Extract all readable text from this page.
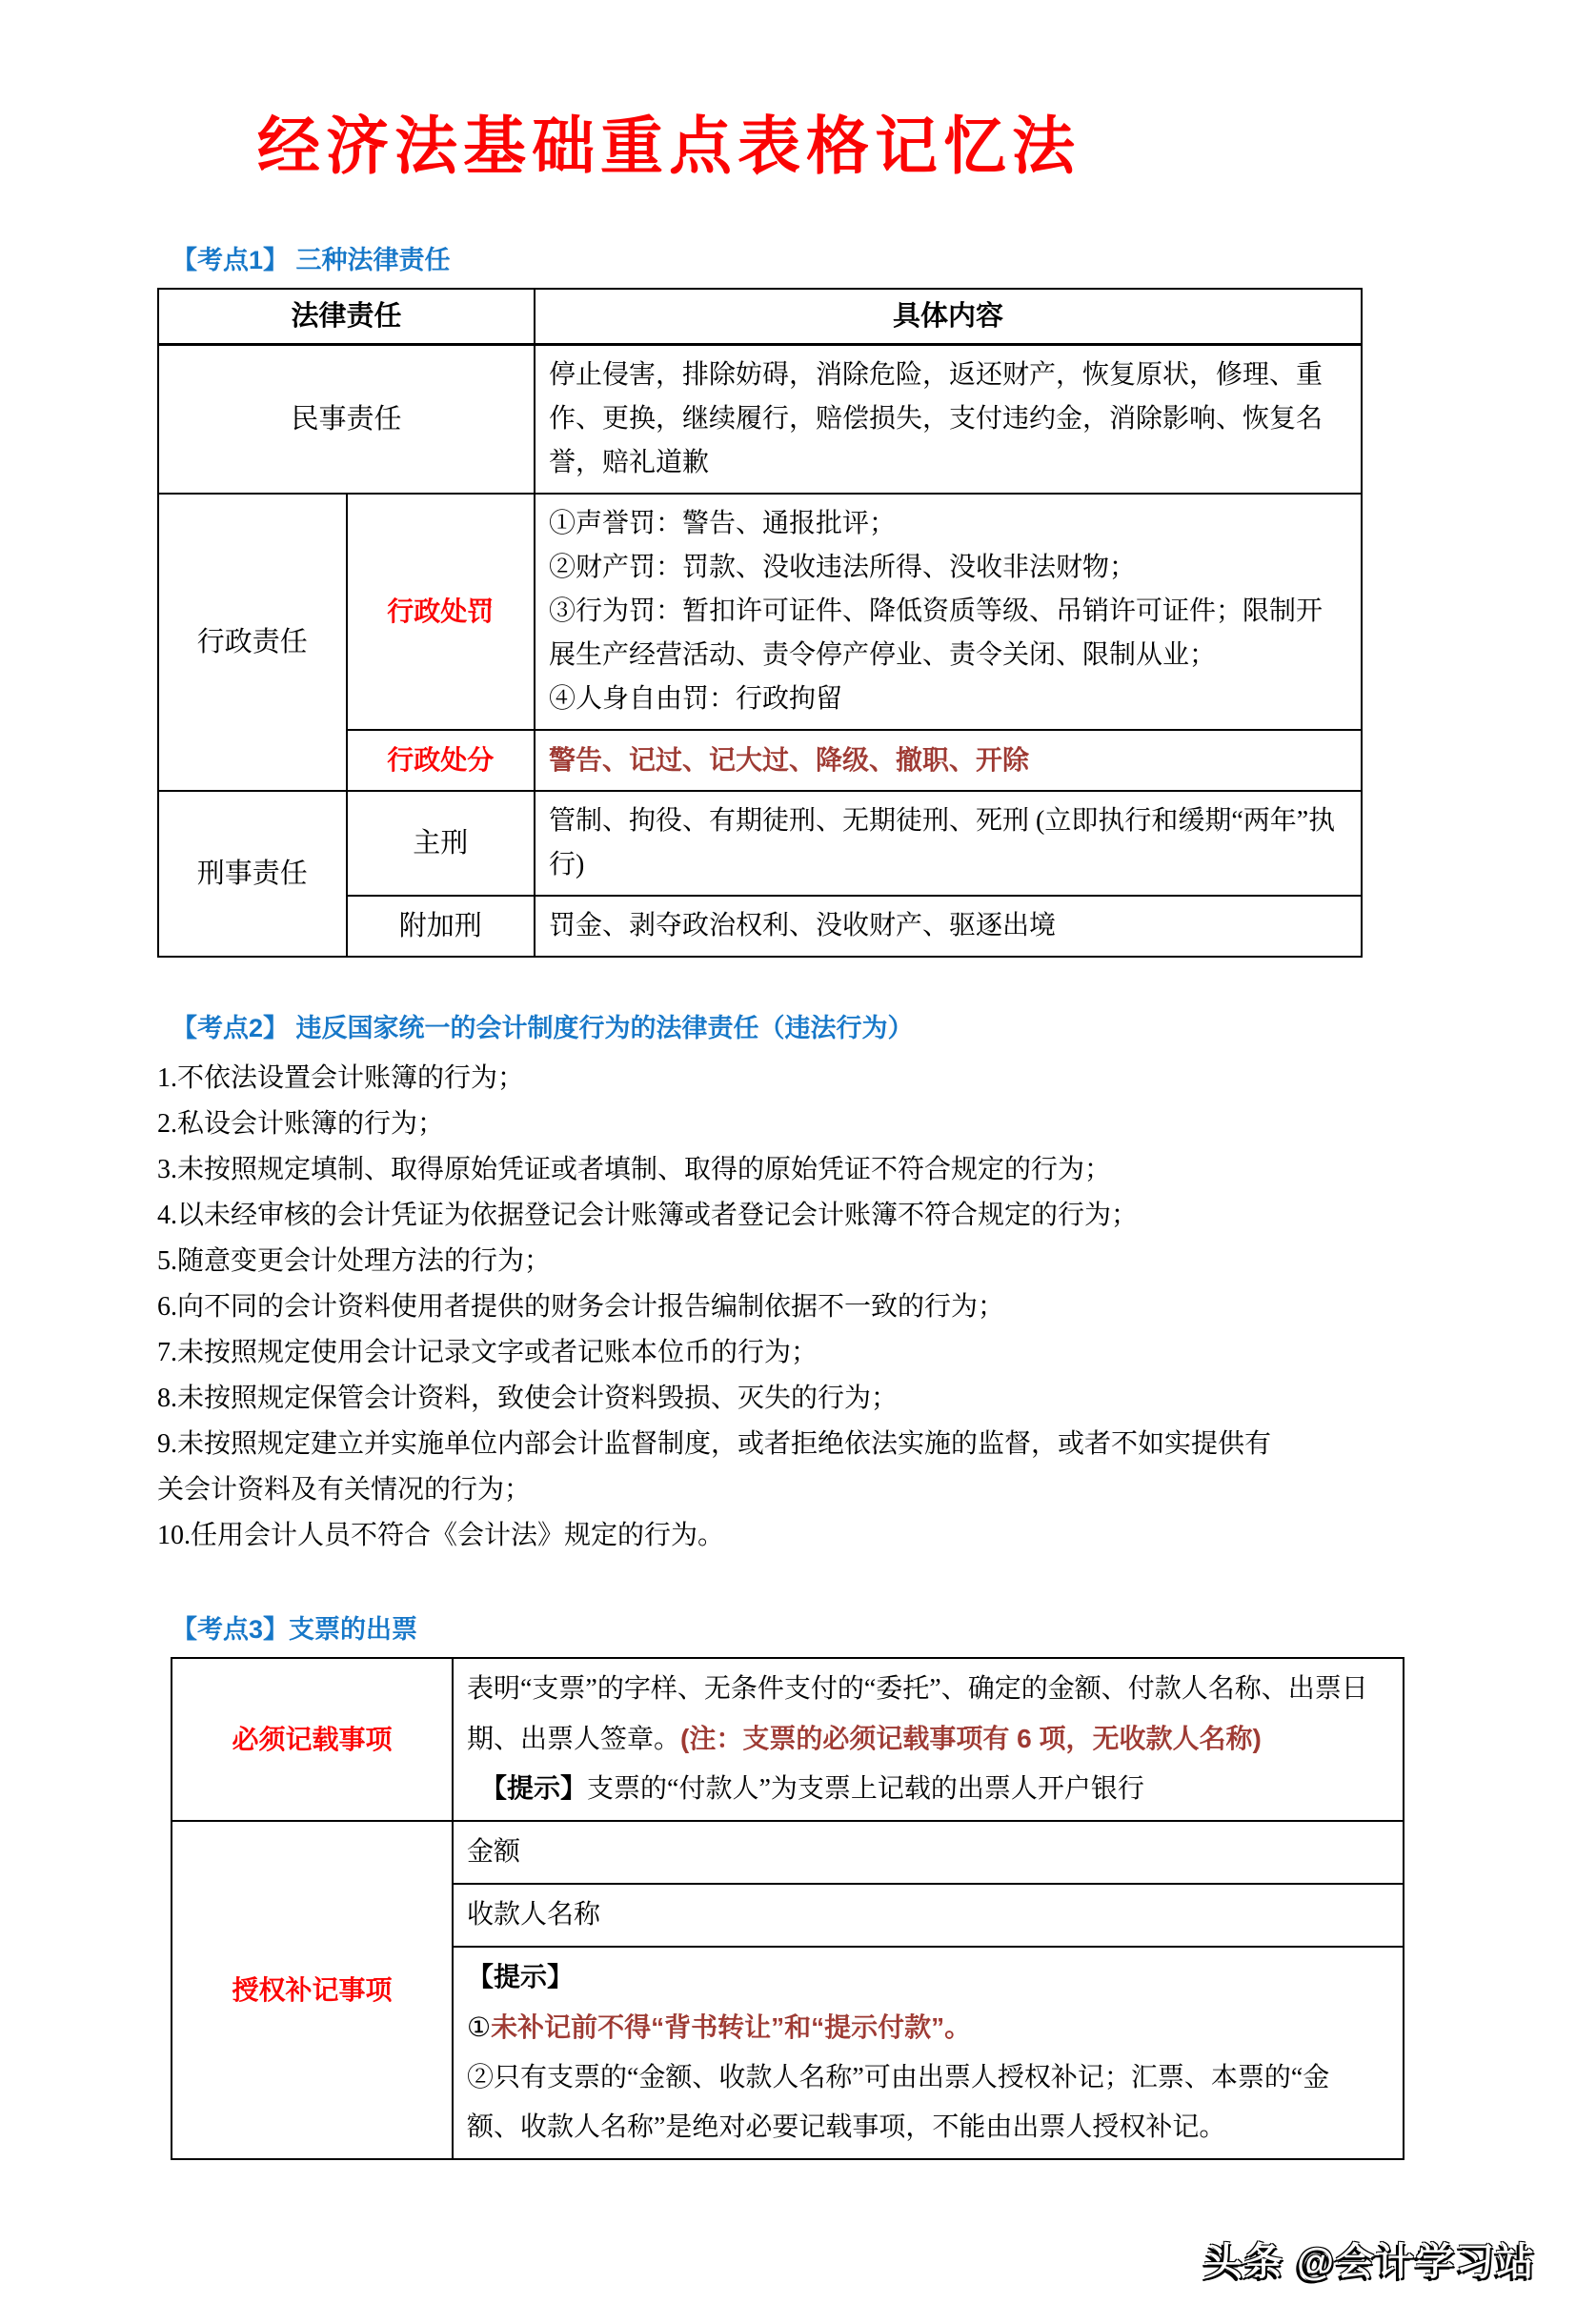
经济法基础重点表格记忆法
【考点1】 三种法律责任
法律责任		具体内容
民事责任		停止侵害，排除妨碍，消除危险，返还财产，恢复原状，修理、重作、更换，继续履行，赔偿损失，支付违约金，消除影响、恢复名誉，赔礼道歉
行政责任	行政处罚	①声誉罚：警告、通报批评；

②财产罚：罚款、没收违法所得、没收非法财物；

③行为罚：暂扣许可证件、降低资质等级、吊销许可证件；限制开展生产经营活动、责令停产停业、责令关闭、限制从业；

④人身自由罚：行政拘留

	行政处分	警告、记过、记大过、降级、撤职、开除
刑事责任	主刑	管制、拘役、有期徒刑、无期徒刑、死刑 (立即执行和缓期“两年”执行)
	附加刑	罚金、剥夺政治权利、没收财产、驱逐出境
【考点2】 违反国家统一的会计制度行为的法律责任（违法行为）
1.不依法设置会计账簿的行为；
2.私设会计账簿的行为；
3.未按照规定填制、取得原始凭证或者填制、取得的原始凭证不符合规定的行为；
4.以未经审核的会计凭证为依据登记会计账簿或者登记会计账簿不符合规定的行为；
5.随意变更会计处理方法的行为；
6.向不同的会计资料使用者提供的财务会计报告编制依据不一致的行为；
7.未按照规定使用会计记录文字或者记账本位币的行为；
8.未按照规定保管会计资料，致使会计资料毁损、灭失的行为；
9.未按照规定建立并实施单位内部会计监督制度，或者拒绝依法实施的监督，或者不如实提供有关会计资料及有关情况的行为；
10.任用会计人员不符合《会计法》规定的行为。
【考点3】支票的出票
必须记载事项	表明“支票”的字样、无条件支付的“委托”、确定的金额、付款人名称、出票日期、出票人签章。(注：支票的必须记载事项有 6 项，无收款人名称)

【提示】支票的“付款人”为支票上记载的出票人开户银行

授权补记事项	金额
	收款人名称

	【提示】

①未补记前不得“背书转让”和“提示付款”。

②只有支票的“金额、收款人名称”可由出票人授权补记；汇票、本票的“金额、收款人名称”是绝对必要记载事项，不能由出票人授权补记。

头条 @会计学习站
